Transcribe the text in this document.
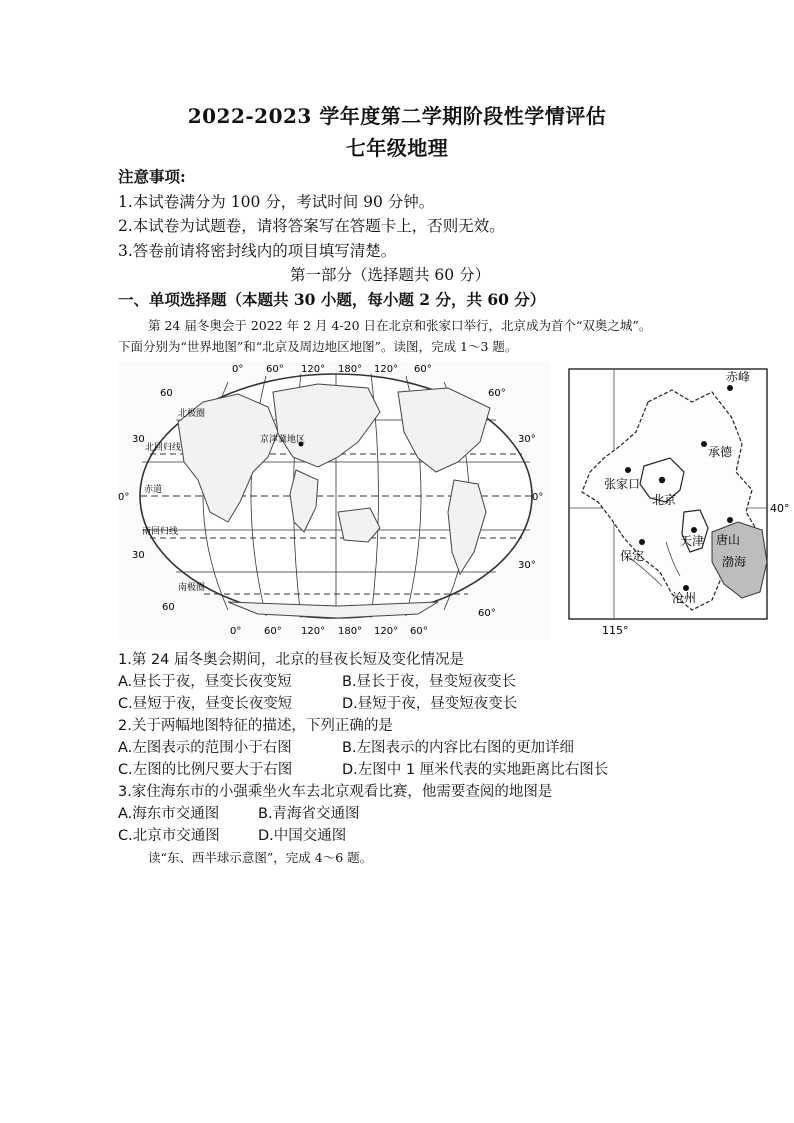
2022-2023 学年度第二学期阶段性学情评估
七年级地理
注意事项:
1.本试卷满分为 100 分，考试时间 90 分钟。
2.本试卷为试题卷，请将答案写在答题卡上，否则无效。
3.答卷前请将密封线内的项目填写清楚。
第一部分（选择题共 60 分）
一、单项选择题（本题共 30 小题，每小题 2 分，共 60 分）
第 24 届冬奥会于 2022 年 2 月 4-20 日在北京和张家口举行，北京成为首个“双奥之城”。
下面分别为“世界地图”和“北京及周边地区地图”。读图，完成 1～3 题。
北回归线
北极圈
赤道
南回归线
南极圈
京津冀地区
0° 60° 120° 180° 120° 60°
0° 60° 120° 180° 120° 60°
60
30
0°
30
60
60°
30°
0°
30°
60°
赤峰
承德
张家口
北京
天津 唐山
保定
沧州
渤海
40°
115°
1.第 24 届冬奥会期间，北京的昼夜长短及变化情况是
A.昼长于夜，昼变长夜变短	B.昼长于夜，昼变短夜变长
C.昼短于夜，昼变长夜变短	D.昼短于夜，昼变短夜变长
2.关于两幅地图特征的描述，下列正确的是
A.左图表示的范围小于右图	B.左图表示的内容比右图的更加详细
C.左图的比例尺要大于右图	D.左图中 1 厘米代表的实地距离比右图长
3.家住海东市的小强乘坐火车去北京观看比赛，他需要查阅的地图是
A.海东市交通图	B.青海省交通图
C.北京市交通图	D.中国交通图
读“东、西半球示意图”，完成 4～6 题。
